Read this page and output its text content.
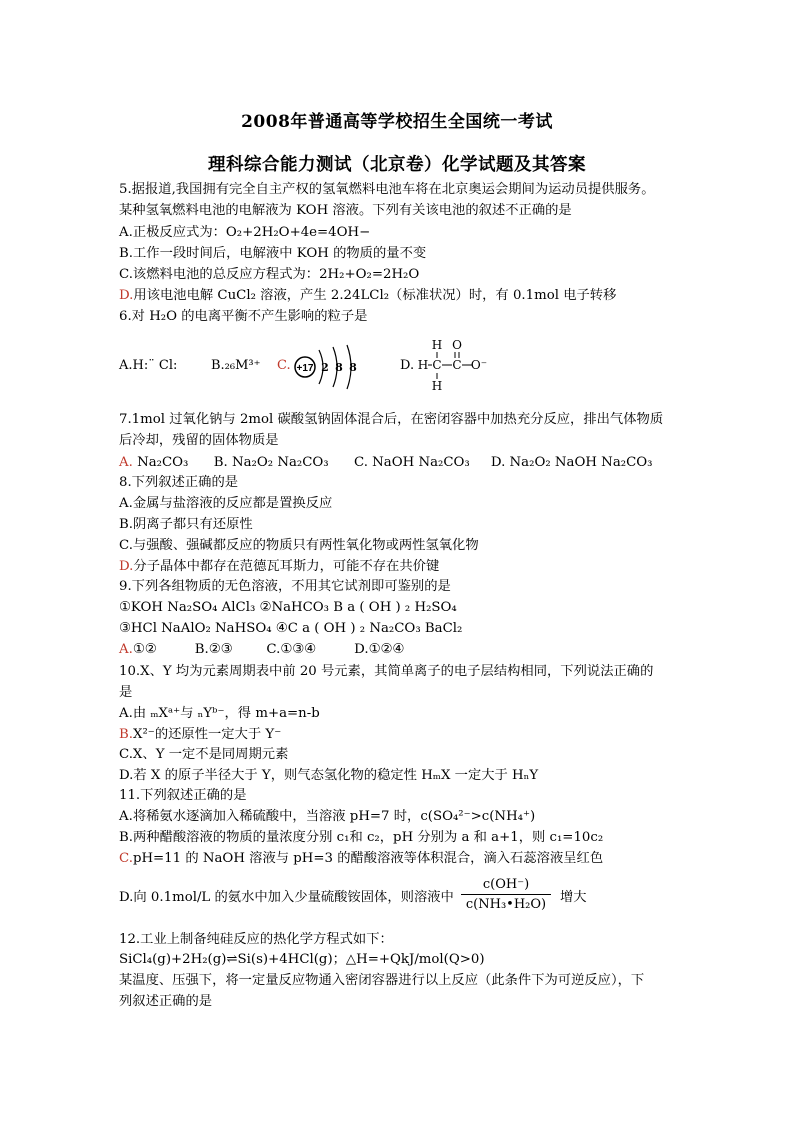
2008年普通高等学校招生全国统一考试
理科综合能力测试（北京卷）化学试题及其答案
5.据报道,我国拥有完全自主产权的氢氧燃料电池车将在北京奥运会期间为运动员提供服务。
某种氢氧燃料电池的电解液为 KOH 溶液。下列有关该电池的叙述不正确的是
A.正极反应式为：O₂+2H₂O+4e=4OH−
B.工作一段时间后，电解液中 KOH 的物质的量不变
C.该燃料电池的总反应方程式为：2H₂+O₂=2H₂O
D.用该电池电解 CuCl₂ 溶液，产生 2.24LCl₂（标准状况）时，有 0.1mol 电子转移
6.对 H₂O 的电离平衡不产生影响的粒子是
A.H:¨ Cl:	B.₂₆M³⁺ C. +17 2 8 8	D.
H
H C
H
C
O
O⁻
7.1mol 过氧化钠与 2mol 碳酸氢钠固体混合后，在密闭容器中加热充分反应，排出气体物质
后冷却，残留的固体物质是
A. Na₂CO₃ B. Na₂O₂ Na₂CO₃ C. NaOH Na₂CO₃ D. Na₂O₂ NaOH Na₂CO₃
8.下列叙述正确的是
A.金属与盐溶液的反应都是置换反应
B.阴离子都只有还原性
C.与强酸、强碱都反应的物质只有两性氧化物或两性氢氧化物
D.分子晶体中都存在范德瓦耳斯力，可能不存在共价键
9.下列各组物质的无色溶液，不用其它试剂即可鉴别的是
①KOH Na₂SO₄ AlCl₃ ②NaHCO₃ B a ( OH ) ₂ H₂SO₄
③HCl NaAlO₂ NaHSO₄ ④C a ( OH ) ₂ Na₂CO₃ BaCl₂
A.①②	B.②③	C.①③④	D.①②④
10.X、Y 均为元素周期表中前 20 号元素，其简单离子的电子层结构相同，下列说法正确的
是
A.由 ₘXᵃ⁺与 ₙYᵇ⁻，得 m+a=n-b
B.X²⁻的还原性一定大于 Y⁻
C.X、Y 一定不是同周期元素
D.若 X 的原子半径大于 Y，则气态氢化物的稳定性 HₘX 一定大于 HₙY
11.下列叙述正确的是
A.将稀氨水逐滴加入稀硫酸中，当溶液 pH=7 时，c(SO₄²⁻>c(NH₄⁺)
B.两种醋酸溶液的物质的量浓度分别 c₁和 c₂，pH 分别为 a 和 a+1，则 c₁=10c₂
C.pH=11 的 NaOH 溶液与 pH=3 的醋酸溶液等体积混合，滴入石蕊溶液呈红色
D.向 0.1mol/L 的氨水中加入少量硫酸铵固体，则溶液中 $\frac{c(OH^-)}{\text{c(NH₃•H₂O)}}$ 增大
12.工业上制备纯硅反应的热化学方程式如下：
SiCl₄(g)+2H₂(g)⇌Si(s)+4HCl(g)；△H=+QkJ/mol(Q>0)
某温度、压强下，将一定量反应物通入密闭容器进行以上反应（此条件下为可逆反应），下
列叙述正确的是
